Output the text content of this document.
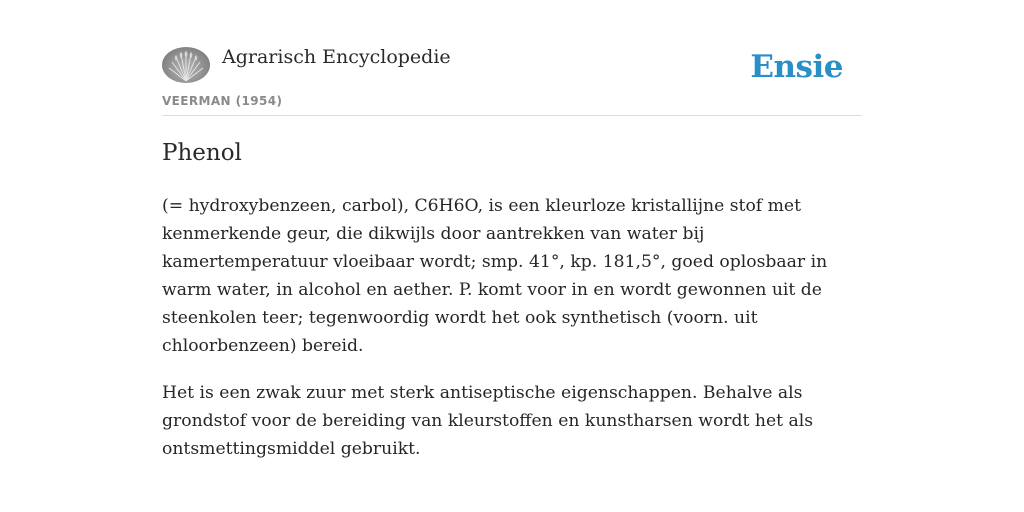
Agrarisch Encyclopedie
VEERMAN (1954)
Ensie
Phenol

(= hydroxybenzeen, carbol), C6H6O, is een kleurloze kristallijne stof met kenmerkende geur, die dikwijls door aantrekken van water bij kamertemperatuur vloeibaar wordt; smp. 41°, kp. 181,5°, goed oplosbaar in warm water, in alcohol en aether. P. komt voor in en wordt gewonnen uit de steenkolen teer; tegenwoordig wordt het ook synthetisch (voorn. uit chloorbenzeen) bereid.

Het is een zwak zuur met sterk antiseptische eigenschappen. Behalve als grondstof voor de bereiding van kleurstoffen en kunstharsen wordt het als ontsmettingsmiddel gebruikt.
